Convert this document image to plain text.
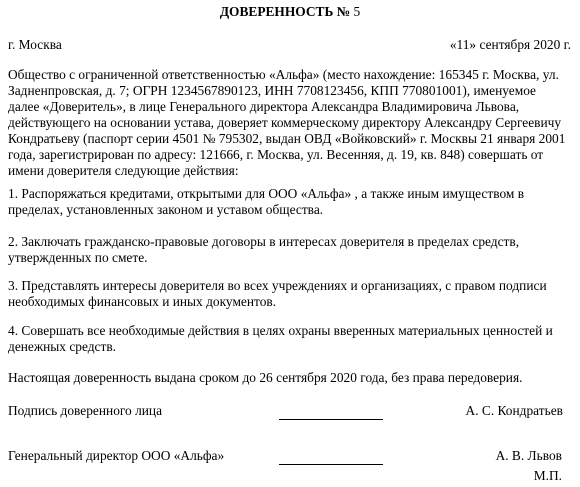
ДОВЕРЕННОСТЬ № 5
г. Москва	«11» сентября 2020 г.
Общество с ограниченной ответственностью «Альфа» (место нахождение: 165345 г. Москва, ул. Задненпровская, д. 7; ОГРН 1234567890123, ИНН 7708123456, КПП 770801001), именуемое далее «Доверитель», в лице Генерального директора Александра Владимировича Львова, действующего на основании устава, доверяет коммерческому директору Александру Сергеевичу Кондратьеву (паспорт серии 4501 № 795302, выдан ОВД «Войковский» г. Москвы 21 января 2001 года, зарегистрирован по адресу: 121666, г. Москва, ул. Весенняя, д. 19, кв. 848) совершать от имени доверителя следующие действия:
1. Распоряжаться кредитами, открытыми для ООО «Альфа» , а также иным имуществом в пределах, установленных законом и уставом общества.
2. Заключать гражданско-правовые договоры в интересах доверителя в пределах средств, утвержденных по смете.
3. Представлять интересы доверителя во всех учреждениях и организациях, с правом подписи необходимых финансовых и иных документов.
4. Совершать все необходимые действия в целях охраны вверенных материальных ценностей и денежных средств.
Настоящая доверенность выдана сроком до 26 сентября 2020 года, без права передоверия.
Подпись доверенного лица	А. С. Кондратьев
Генеральный директор ООО «Альфа»	А. В. Львов
М.П.
